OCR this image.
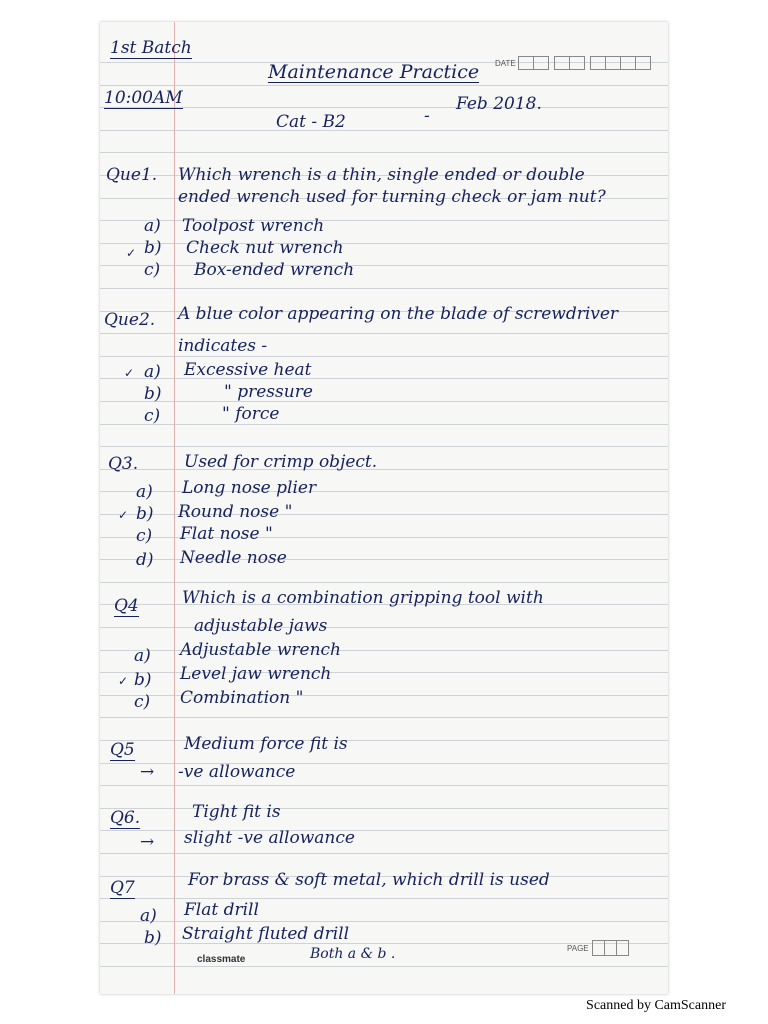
DATE
1st Batch
10:00AM
Maintenance Practice
Cat - B2	-
Feb 2018.
Que1. Which wrench is a thin, single ended or double
ended wrench used for turning check or jam nut?
a) Toolpost wrench
b) Check nut wrench
✓
c) Box-ended wrench
Que2. A blue color appearing on the blade of screwdriver
indicates -
a)
✓	Excessive heat
b)	" pressure
c)	" force
Q3.	Used for crimp object.
a) Long nose plier
b)
✓	Round nose "
c) Flat nose "
d) Needle nose
Q4	Which is a combination gripping tool with
adjustable jaws
a) Adjustable wrench
b)
✓	Level jaw wrench
c) Combination "
Q5	Medium force fit is
→ -ve allowance
Q6.	Tight fit is
→ slight -ve allowance
Q7	For brass & soft metal, which drill is used
a) Flat drill
b) Straight fluted drill
Both a & b .
classmate
PAGE
Scanned by CamScanner
